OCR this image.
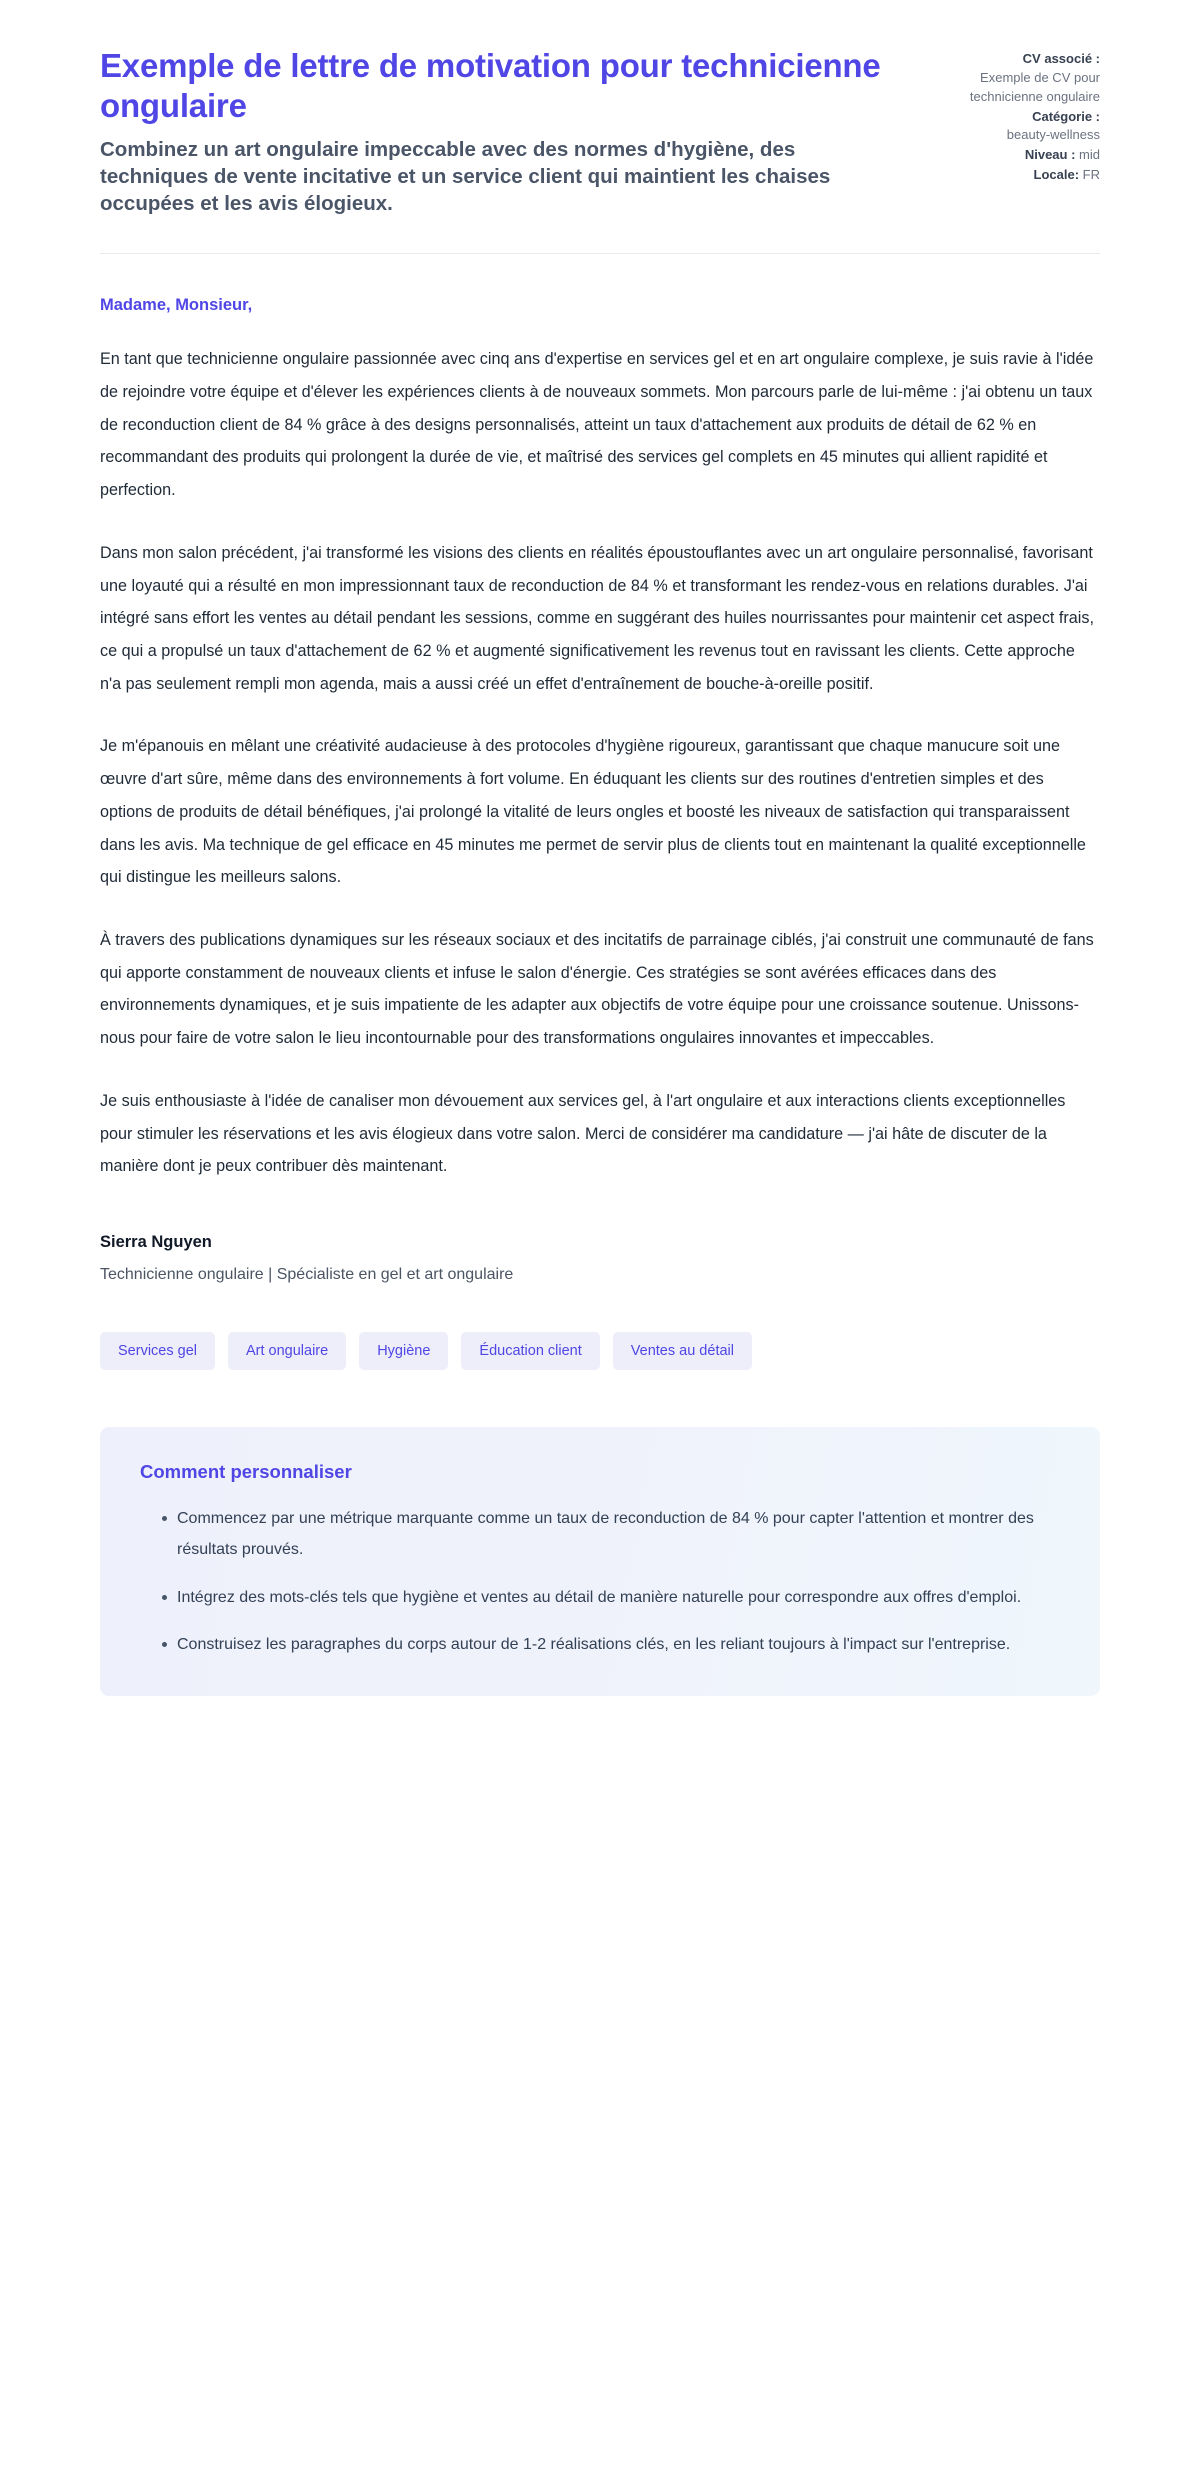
Exemple de lettre de motivation pour technicienne ongulaire

Combinez un art ongulaire impeccable avec des normes d'hygiène, des techniques de vente incitative et un service client qui maintient les chaises occupées et les avis élogieux.

CV associé :
Exemple de CV pour technicienne ongulaire
Catégorie :
beauty-wellness
Niveau : mid
Locale: FR

Madame, Monsieur,

En tant que technicienne ongulaire passionnée avec cinq ans d'expertise en services gel et en art ongulaire complexe, je suis ravie à l'idée de rejoindre votre équipe et d'élever les expériences clients à de nouveaux sommets. Mon parcours parle de lui-même : j'ai obtenu un taux de reconduction client de 84 % grâce à des designs personnalisés, atteint un taux d'attachement aux produits de détail de 62 % en recommandant des produits qui prolongent la durée de vie, et maîtrisé des services gel complets en 45 minutes qui allient rapidité et perfection.

Dans mon salon précédent, j'ai transformé les visions des clients en réalités époustouflantes avec un art ongulaire personnalisé, favorisant une loyauté qui a résulté en mon impressionnant taux de reconduction de 84 % et transformant les rendez-vous en relations durables. J'ai intégré sans effort les ventes au détail pendant les sessions, comme en suggérant des huiles nourrissantes pour maintenir cet aspect frais, ce qui a propulsé un taux d'attachement de 62 % et augmenté significativement les revenus tout en ravissant les clients. Cette approche n'a pas seulement rempli mon agenda, mais a aussi créé un effet d'entraînement de bouche-à-oreille positif.

Je m'épanouis en mêlant une créativité audacieuse à des protocoles d'hygiène rigoureux, garantissant que chaque manucure soit une œuvre d'art sûre, même dans des environnements à fort volume. En éduquant les clients sur des routines d'entretien simples et des options de produits de détail bénéfiques, j'ai prolongé la vitalité de leurs ongles et boosté les niveaux de satisfaction qui transparaissent dans les avis. Ma technique de gel efficace en 45 minutes me permet de servir plus de clients tout en maintenant la qualité exceptionnelle qui distingue les meilleurs salons.

À travers des publications dynamiques sur les réseaux sociaux et des incitatifs de parrainage ciblés, j'ai construit une communauté de fans qui apporte constamment de nouveaux clients et infuse le salon d'énergie. Ces stratégies se sont avérées efficaces dans des environnements dynamiques, et je suis impatiente de les adapter aux objectifs de votre équipe pour une croissance soutenue. Unissons-nous pour faire de votre salon le lieu incontournable pour des transformations ongulaires innovantes et impeccables.

Je suis enthousiaste à l'idée de canaliser mon dévouement aux services gel, à l'art ongulaire et aux interactions clients exceptionnelles pour stimuler les réservations et les avis élogieux dans votre salon. Merci de considérer ma candidature — j'ai hâte de discuter de la manière dont je peux contribuer dès maintenant.

Sierra Nguyen

Technicienne ongulaire | Spécialiste en gel et art ongulaire

Services gel	Art ongulaire	Hygiène	Éducation client	Ventes au détail
Comment personnaliser
Commencez par une métrique marquante comme un taux de reconduction de 84 % pour capter l'attention et montrer des résultats prouvés.
Intégrez des mots-clés tels que hygiène et ventes au détail de manière naturelle pour correspondre aux offres d'emploi.
Construisez les paragraphes du corps autour de 1-2 réalisations clés, en les reliant toujours à l'impact sur l'entreprise.
